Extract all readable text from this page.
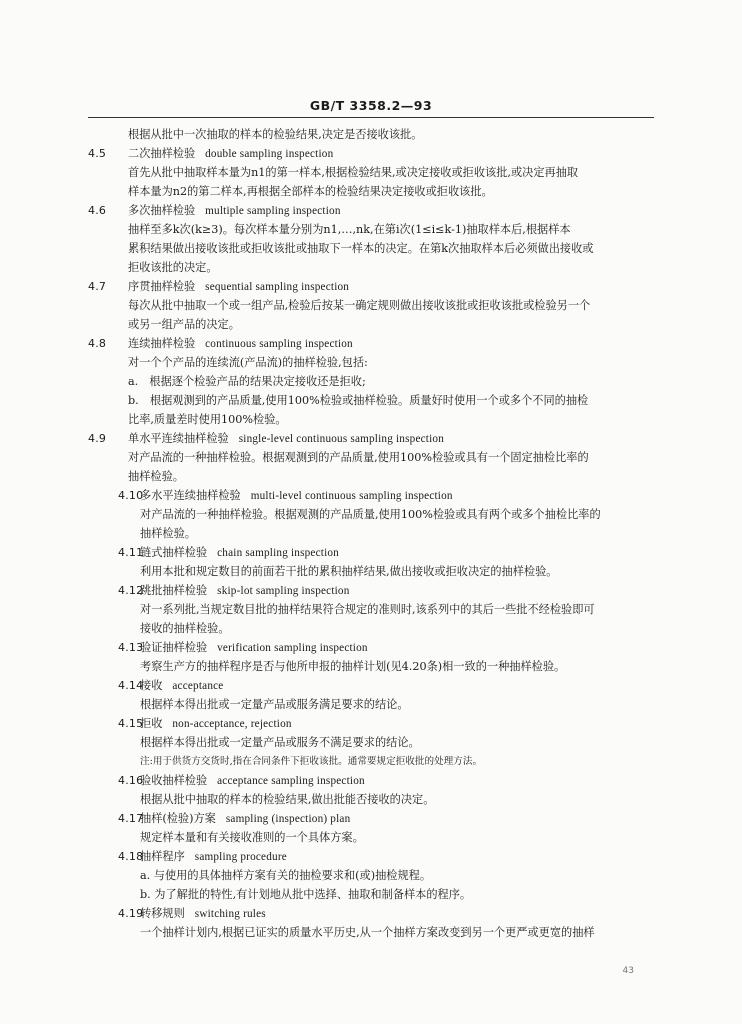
GB/T 3358.2—93
根据从批中一次抽取的样本的检验结果,决定是否接收该批。
4.5 二次抽样检验 double sampling inspection
首先从批中抽取样本量为n1的第一样本,根据检验结果,或决定接收或拒收该批,或决定再抽取
样本量为n2的第二样本,再根据全部样本的检验结果决定接收或拒收该批。
4.6 多次抽样检验 multiple sampling inspection
抽样至多k次(k≥3)。每次样本量分别为n1,…,nk,在第i次(1≤i≤k-1)抽取样本后,根据样本
累积结果做出接收该批或拒收该批或抽取下一样本的决定。在第k次抽取样本后必须做出接收或
拒收该批的决定。
4.7 序贯抽样检验 sequential sampling inspection
每次从批中抽取一个或一组产品,检验后按某一确定规则做出接收该批或拒收该批或检验另一个
或另一组产品的决定。
4.8 连续抽样检验 continuous sampling inspection
对一个个产品的连续流(产品流)的抽样检验,包括:
a.　根据逐个检验产品的结果决定接收还是拒收;
b.　根据观测到的产品质量,使用100%检验或抽样检验。质量好时使用一个或多个不同的抽检
比率,质量差时使用100%检验。
4.9 单水平连续抽样检验 single-level continuous sampling inspection
对产品流的一种抽样检验。根据观测到的产品质量,使用100%检验或具有一个固定抽检比率的
抽样检验。
4.10
多水平连续抽样检验 multi-level continuous sampling inspection
对产品流的一种抽样检验。根据观测的产品质量,使用100%检验或具有两个或多个抽检比率的
抽样检验。
4.11
链式抽样检验 chain sampling inspection
利用本批和规定数目的前面若干批的累积抽样结果,做出接收或拒收决定的抽样检验。
4.12
跳批抽样检验 skip-lot sampling inspection
对一系列批,当规定数目批的抽样结果符合规定的准则时,该系列中的其后一些批不经检验即可
接收的抽样检验。
4.13
验证抽样检验 verification sampling inspection
考察生产方的抽样程序是否与他所申报的抽样计划(见4.20条)相一致的一种抽样检验。
4.14
接收 acceptance
根据样本得出批或一定量产品或服务满足要求的结论。
4.15
拒收 non-acceptance, rejection
根据样本得出批或一定量产品或服务不满足要求的结论。
注:用于供货方交货时,指在合同条件下拒收该批。通常要规定拒收批的处理方法。
4.16
验收抽样检验 acceptance sampling inspection
根据从批中抽取的样本的检验结果,做出批能否接收的决定。
4.17
抽样(检验)方案 sampling (inspection) plan
规定样本量和有关接收准则的一个具体方案。
4.18
抽样程序 sampling procedure
a. 与使用的具体抽样方案有关的抽检要求和(或)抽检规程。
b. 为了解批的特性,有计划地从批中选择、抽取和制备样本的程序。
4.19
转移规则 switching rules
一个抽样计划内,根据已证实的质量水平历史,从一个抽样方案改变到另一个更严或更宽的抽样
43
